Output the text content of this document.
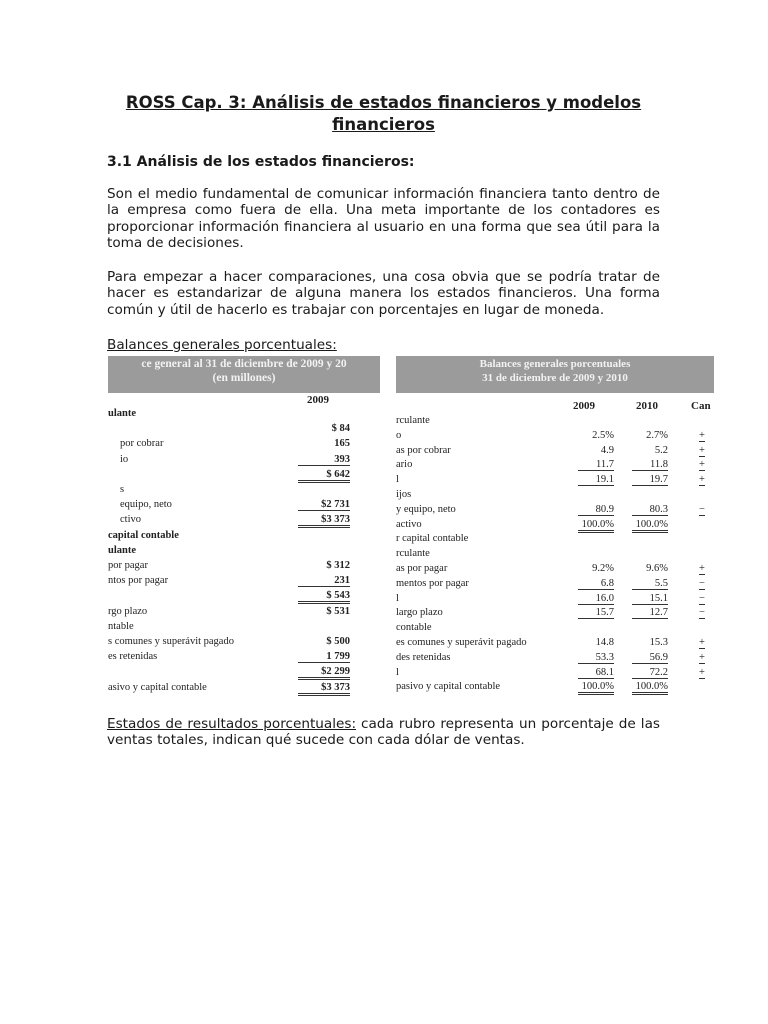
ROSS Cap. 3: Análisis de estados financieros y modelos financieros
3.1 Análisis de los estados financieros:
Son el medio fundamental de comunicar información financiera tanto dentro de la empresa como fuera de ella. Una meta importante de los contadores es proporcionar información financiera al usuario en una forma que sea útil para la toma de decisiones.
Para empezar a hacer comparaciones, una cosa obvia que se podría tratar de hacer es estandarizar de alguna manera los estados financieros. Una forma común y útil de hacerlo es trabajar con porcentajes en lugar de moneda.
Balances generales porcentuales:
Estados de resultados porcentuales: cada rubro representa un porcentaje de las ventas totales, indican qué sucede con cada dólar de ventas.
ce general al 31 de diciembre de 2009 y 20
(en millones)
2009
ulante
$ 84
por cobrar	165
io	393
$ 642
s
equipo, neto	$2 731
ctivo	$3 373
capital contable
ulante
por pagar	$ 312
ntos por pagar	231
$ 543
rgo plazo	$ 531
ntable
s comunes y superávit pagado	$ 500
es retenidas	1 799
$2 299
asivo y capital contable	$3 373
Balances generales porcentuales
31 de diciembre de 2009 y 2010
2009	2010	Can
rculante
o	2.5%	2.7%	+
as por cobrar	4.9	5.2	+
ario	11.7	11.8	+
l	19.1	19.7	+
ijos
y equipo, neto	80.9	80.3	−
activo	100.0%	100.0%
r capital contable
rculante
as por pagar	9.2%	9.6%	+
mentos por pagar	6.8	5.5	−
l	16.0	15.1	−
largo plazo	15.7	12.7	−
contable
es comunes y superávit pagado	14.8	15.3	+
des retenidas	53.3	56.9	+
l	68.1	72.2	+
pasivo y capital contable	100.0%	100.0%
